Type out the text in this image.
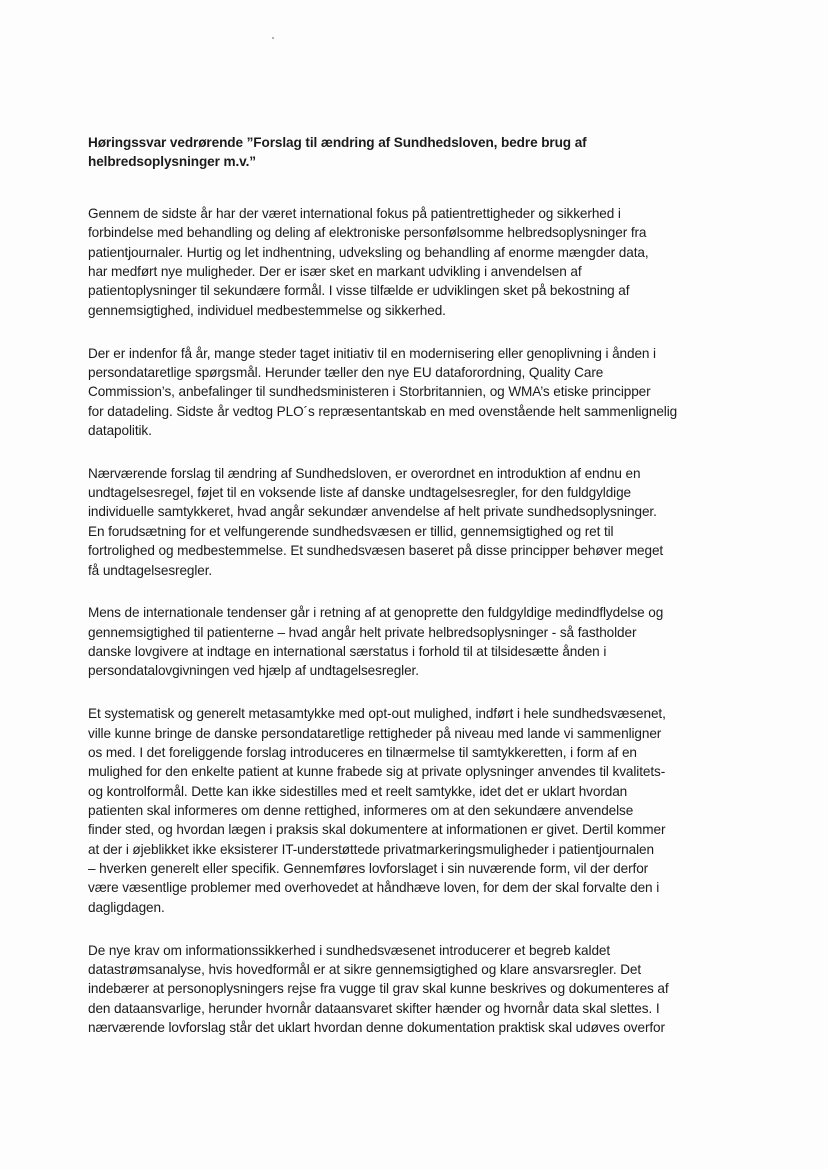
Høringssvar vedrørende ”Forslag til ændring af Sundhedsloven, bedre brug af
helbredsoplysninger m.v.”
Gennem de sidste år har der været international fokus på patientrettigheder og sikkerhed i
forbindelse med behandling og deling af elektroniske personfølsomme helbredsoplysninger fra
patientjournaler. Hurtig og let indhentning, udveksling og behandling af enorme mængder data,
har medført nye muligheder. Der er især sket en markant udvikling i anvendelsen af
patientoplysninger til sekundære formål. I visse tilfælde er udviklingen sket på bekostning af
gennemsigtighed, individuel medbestemmelse og sikkerhed.
Der er indenfor få år, mange steder taget initiativ til en modernisering eller genoplivning i ånden i
persondataretlige spørgsmål. Herunder tæller den nye EU dataforordning, Quality Care
Commission’s, anbefalinger til sundhedsministeren i Storbritannien, og WMA’s etiske principper
for datadeling. Sidste år vedtog PLO´s repræsentantskab en med ovenstående helt sammenlignelig
datapolitik.
Nærværende forslag til ændring af Sundhedsloven, er overordnet en introduktion af endnu en
undtagelsesregel, føjet til en voksende liste af danske undtagelsesregler, for den fuldgyldige
individuelle samtykkeret, hvad angår sekundær anvendelse af helt private sundhedsoplysninger.
En forudsætning for et velfungerende sundhedsvæsen er tillid, gennemsigtighed og ret til
fortrolighed og medbestemmelse. Et sundhedsvæsen baseret på disse principper behøver meget
få undtagelsesregler.
Mens de internationale tendenser går i retning af at genoprette den fuldgyldige medindflydelse og
gennemsigtighed til patienterne – hvad angår helt private helbredsoplysninger - så fastholder
danske lovgivere at indtage en international særstatus i forhold til at tilsidesætte ånden i
persondatalovgivningen ved hjælp af undtagelsesregler.
Et systematisk og generelt metasamtykke med opt-out mulighed, indført i hele sundhedsvæsenet,
ville kunne bringe de danske persondataretlige rettigheder på niveau med lande vi sammenligner
os med. I det foreliggende forslag introduceres en tilnærmelse til samtykkeretten, i form af en
mulighed for den enkelte patient at kunne frabede sig at private oplysninger anvendes til kvalitets-
og kontrolformål. Dette kan ikke sidestilles med et reelt samtykke, idet det er uklart hvordan
patienten skal informeres om denne rettighed, informeres om at den sekundære anvendelse
finder sted, og hvordan lægen i praksis skal dokumentere at informationen er givet. Dertil kommer
at der i øjeblikket ikke eksisterer IT-understøttede privatmarkeringsmuligheder i patientjournalen
– hverken generelt eller specifik. Gennemføres lovforslaget i sin nuværende form, vil der derfor
være væsentlige problemer med overhovedet at håndhæve loven, for dem der skal forvalte den i
dagligdagen.
De nye krav om informationssikkerhed i sundhedsvæsenet introducerer et begreb kaldet
datastrømsanalyse, hvis hovedformål er at sikre gennemsigtighed og klare ansvarsregler. Det
indebærer at personoplysningers rejse fra vugge til grav skal kunne beskrives og dokumenteres af
den dataansvarlige, herunder hvornår dataansvaret skifter hænder og hvornår data skal slettes. I
nærværende lovforslag står det uklart hvordan denne dokumentation praktisk skal udøves overfor
